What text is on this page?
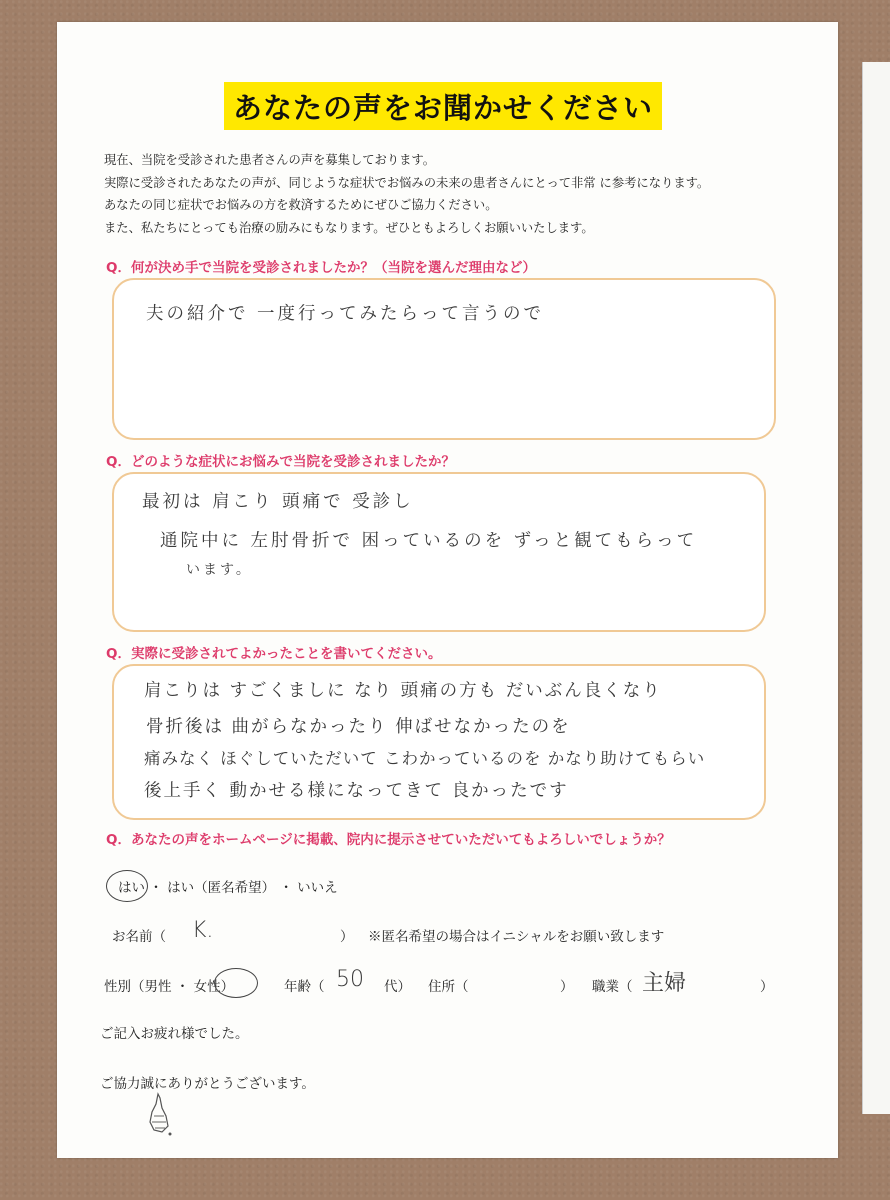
あなたの声をお聞かせください
現在、当院を受診された患者さんの声を募集しております。
実際に受診されたあなたの声が、同じような症状でお悩みの未来の患者さんにとって非常 に参考になります。
あなたの同じ症状でお悩みの方を救済するためにぜひご協力ください。
また、私たちにとっても治療の励みにもなります。ぜひともよろしくお願いいたします。
Q．何が決め手で当院を受診されましたか？（当院を選んだ理由など）
夫の紹介で 一度行ってみたらって言うので
Q．どのような症状にお悩みで当院を受診されましたか？
最初は 肩こり 頭痛で 受診し
通院中に 左肘骨折で 困っているのを ずっと観てもらって
います。
Q．実際に受診されてよかったことを書いてください。
肩こりは すごくましに なり 頭痛の方も だいぶん良くなり
骨折後は 曲がらなかったり 伸ばせなかったのを
痛みなく ほぐしていただいて こわかっているのを かなり助けてもらい
後上手く 動かせる様になってきて 良かったです
Q．あなたの声をホームページに掲載、院内に提示させていただいてもよろしいでしょうか？
はい ・ はい（匿名希望） ・ いいえ
お名前（ K.	） ※匿名希望の場合はイニシャルをお願い致します
性別（男性 ・ 女性）	年齢（ 50 代） 住所（	） 職業（ 主婦	）
ご記入お疲れ様でした。
ご協力誠にありがとうございます。
